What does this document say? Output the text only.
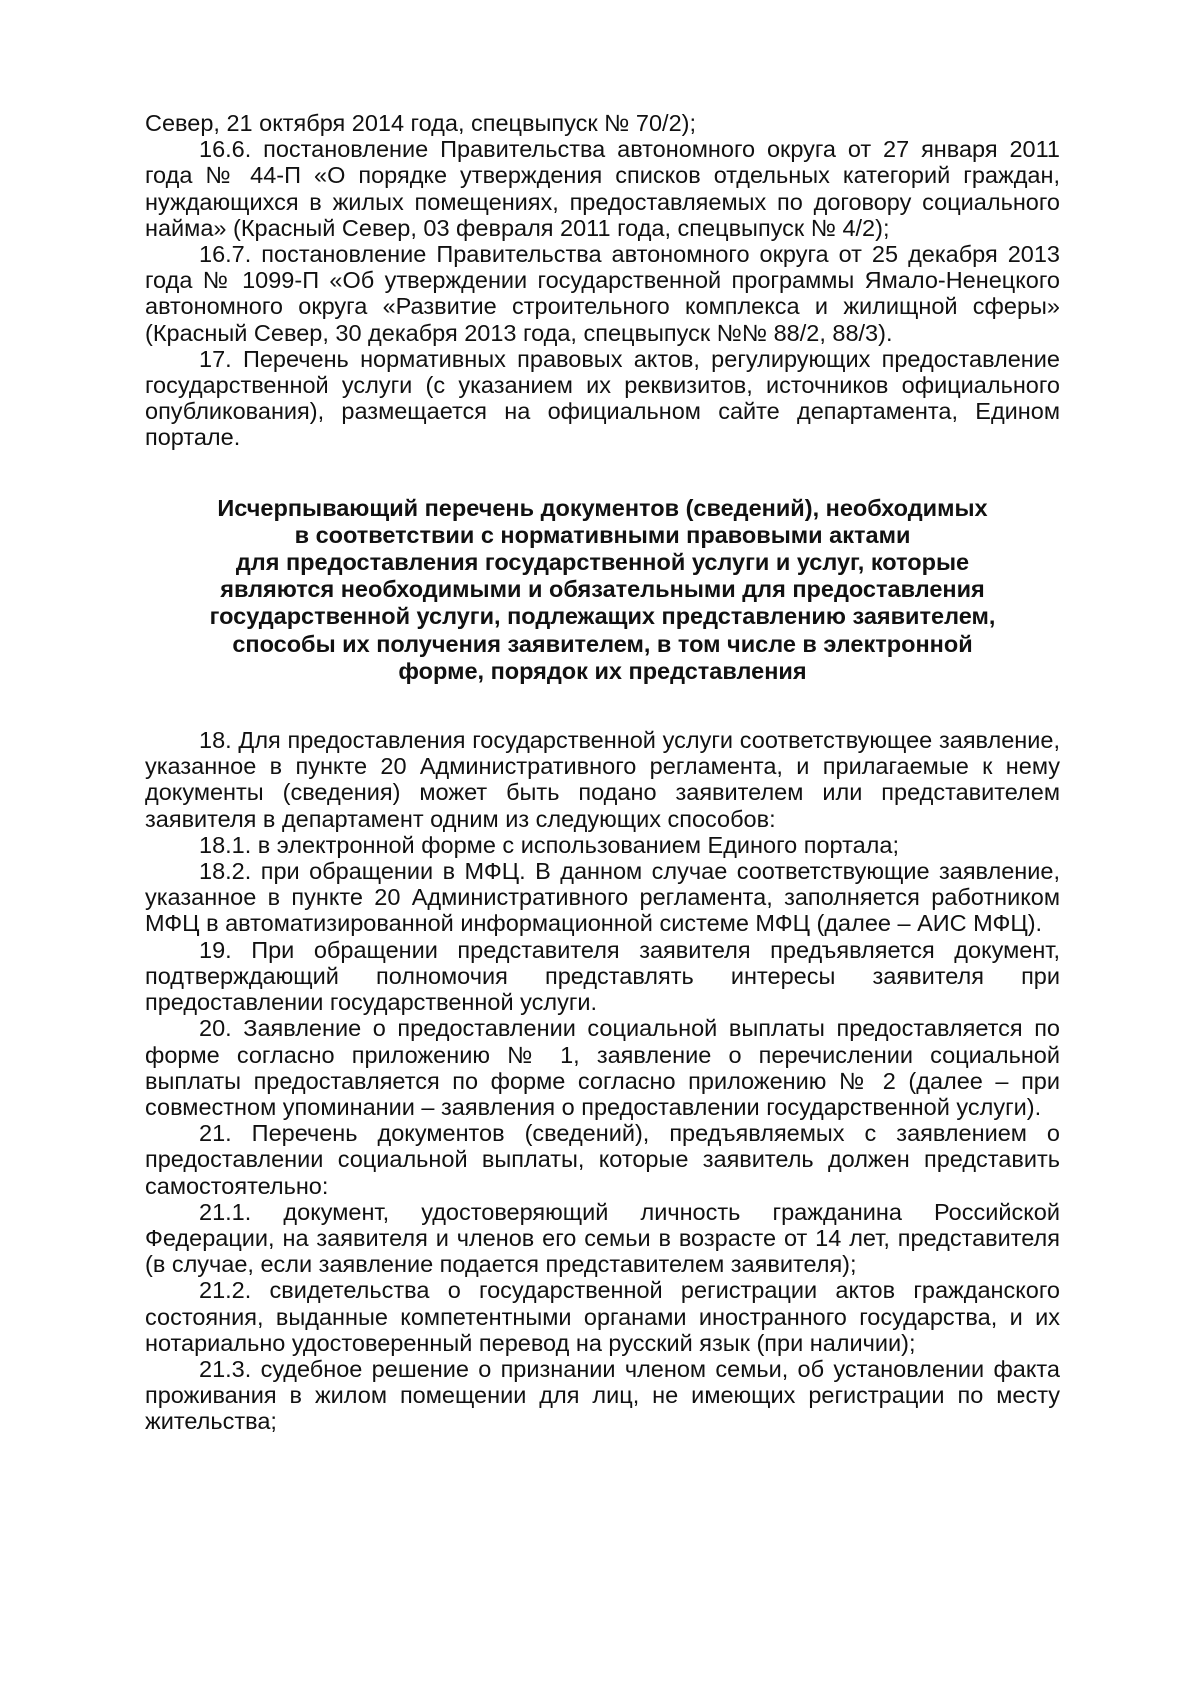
Север, 21 октября 2014 года, спецвыпуск № 70/2);

16.6. постановление Правительства автономного округа от 27 января 2011 года № 44-П «О порядке утверждения списков отдельных категорий граждан, нуждающихся в жилых помещениях, предоставляемых по договору социального найма» (Красный Север, 03 февраля 2011 года, спецвыпуск № 4/2);

16.7. постановление Правительства автономного округа от 25 декабря 2013 года № 1099-П «Об утверждении государственной программы Ямало-Ненецкого автономного округа «Развитие строительного комплекса и жилищной сферы» (Красный Север, 30 декабря 2013 года, спецвыпуск №№ 88/2, 88/3).

17. Перечень нормативных правовых актов, регулирующих предоставление государственной услуги (с указанием их реквизитов, источников официального опубликования), размещается на официальном сайте департамента, Едином портале.

Исчерпывающий перечень документов (сведений), необходимых
в соответствии с нормативными правовыми актами
для предоставления государственной услуги и услуг, которые
являются необходимыми и обязательными для предоставления
государственной услуги, подлежащих представлению заявителем,
способы их получения заявителем, в том числе в электронной
форме, порядок их представления

18. Для предоставления государственной услуги соответствующее заявление, указанное в пункте 20 Административного регламента, и прилагаемые к нему документы (сведения) может быть подано заявителем или представителем заявителя в департамент одним из следующих способов:

18.1. в электронной форме с использованием Единого портала;

18.2. при обращении в МФЦ. В данном случае соответствующие заявление, указанное в пункте 20 Административного регламента, заполняется работником МФЦ в автоматизированной информационной системе МФЦ (далее – АИС МФЦ).

19. При обращении представителя заявителя предъявляется документ, подтверждающий полномочия представлять интересы заявителя при предоставлении государственной услуги.

20. Заявление о предоставлении социальной выплаты предоставляется по форме согласно приложению № 1, заявление о перечислении социальной выплаты предоставляется по форме согласно приложению № 2 (далее – при совместном упоминании – заявления о предоставлении государственной услуги).

21. Перечень документов (сведений), предъявляемых с заявлением о предоставлении социальной выплаты, которые заявитель должен представить самостоятельно:

21.1. документ, удостоверяющий личность гражданина Российской Федерации, на заявителя и членов его семьи в возрасте от 14 лет, представителя (в случае, если заявление подается представителем заявителя);

21.2. свидетельства о государственной регистрации актов гражданского состояния, выданные компетентными органами иностранного государства, и их нотариально удостоверенный перевод на русский язык (при наличии);

21.3. судебное решение о признании членом семьи, об установлении факта проживания в жилом помещении для лиц, не имеющих регистрации по месту жительства;
